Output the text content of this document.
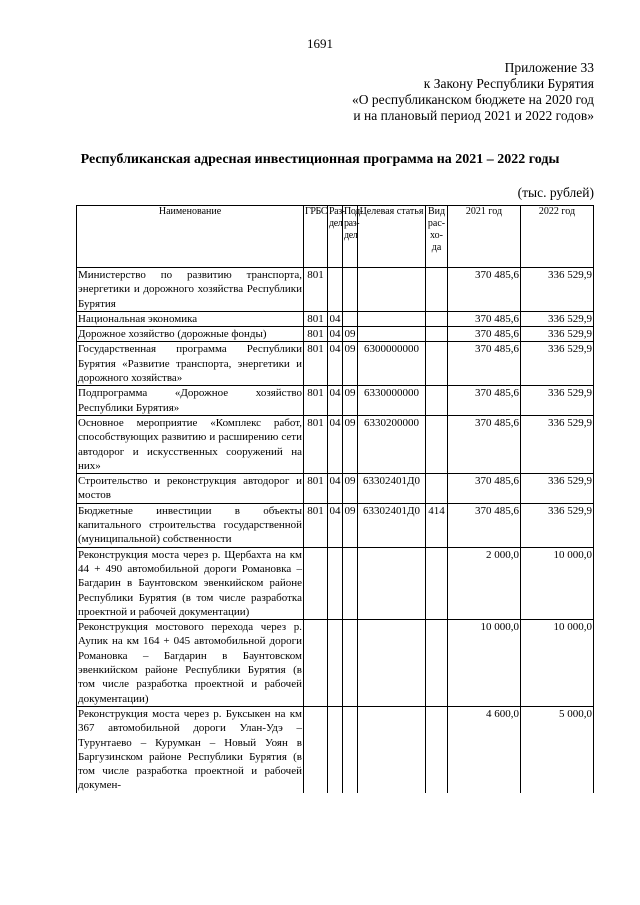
1691
Приложение 33
к Закону Республики Бурятия
«О республиканском бюджете на 2020 год
и на плановый период 2021 и 2022 годов»
Республиканская адресная инвестиционная программа на 2021 – 2022 годы
(тыс. рублей)
Наименование	ГРБС	Раз-дел	Под-раз-дел	Целевая статья	Вид рас-хо-да	2021 год	2022 год
Министерство по развитию транспорта, энергетики и дорожного хозяйства Республики Бурятия	801					370 485,6	336 529,9
Национальная экономика	801	04				370 485,6	336 529,9
Дорожное хозяйство (дорожные фонды)	801	04	09			370 485,6	336 529,9
Государственная программа Республики Бурятия «Развитие транспорта, энергетики и дорожного хозяйства»	801	04	09	6300000000		370 485,6	336 529,9
Подпрограмма «Дорожное хозяйство Республики Бурятия»	801	04	09	6330000000		370 485,6	336 529,9
Основное мероприятие «Комплекс работ, способствующих развитию и расширению сети автодорог и искусственных сооружений на них»	801	04	09	6330200000		370 485,6	336 529,9
Строительство и реконструкция автодорог и мостов	801	04	09	63302401Д0		370 485,6	336 529,9
Бюджетные инвестиции в объекты капитального строительства государственной (муниципальной) собственности	801	04	09	63302401Д0	414	370 485,6	336 529,9
Реконструкция моста через р. Щербахта на км 44 + 490 автомобильной дороги Романовка – Багдарин в Баунтовском эвенкийском районе Республики Бурятия (в том числе разработка проектной и рабочей документации)						2 000,0	10 000,0
Реконструкция мостового перехода через р. Аупик на км 164 + 045 автомобильной дороги Романовка – Багдарин в Баунтовском эвенкийском районе Республики Бурятия (в том числе разработка проектной и рабочей документации)						10 000,0	10 000,0
Реконструкция моста через р. Буксыкен на км 367 автомобильной дороги Улан-Удэ – Турунтаево – Курумкан – Новый Уоян в Баргузинском районе Республики Бурятия (в том числе разработка проектной и рабочей докумен-						4 600,0	5 000,0
